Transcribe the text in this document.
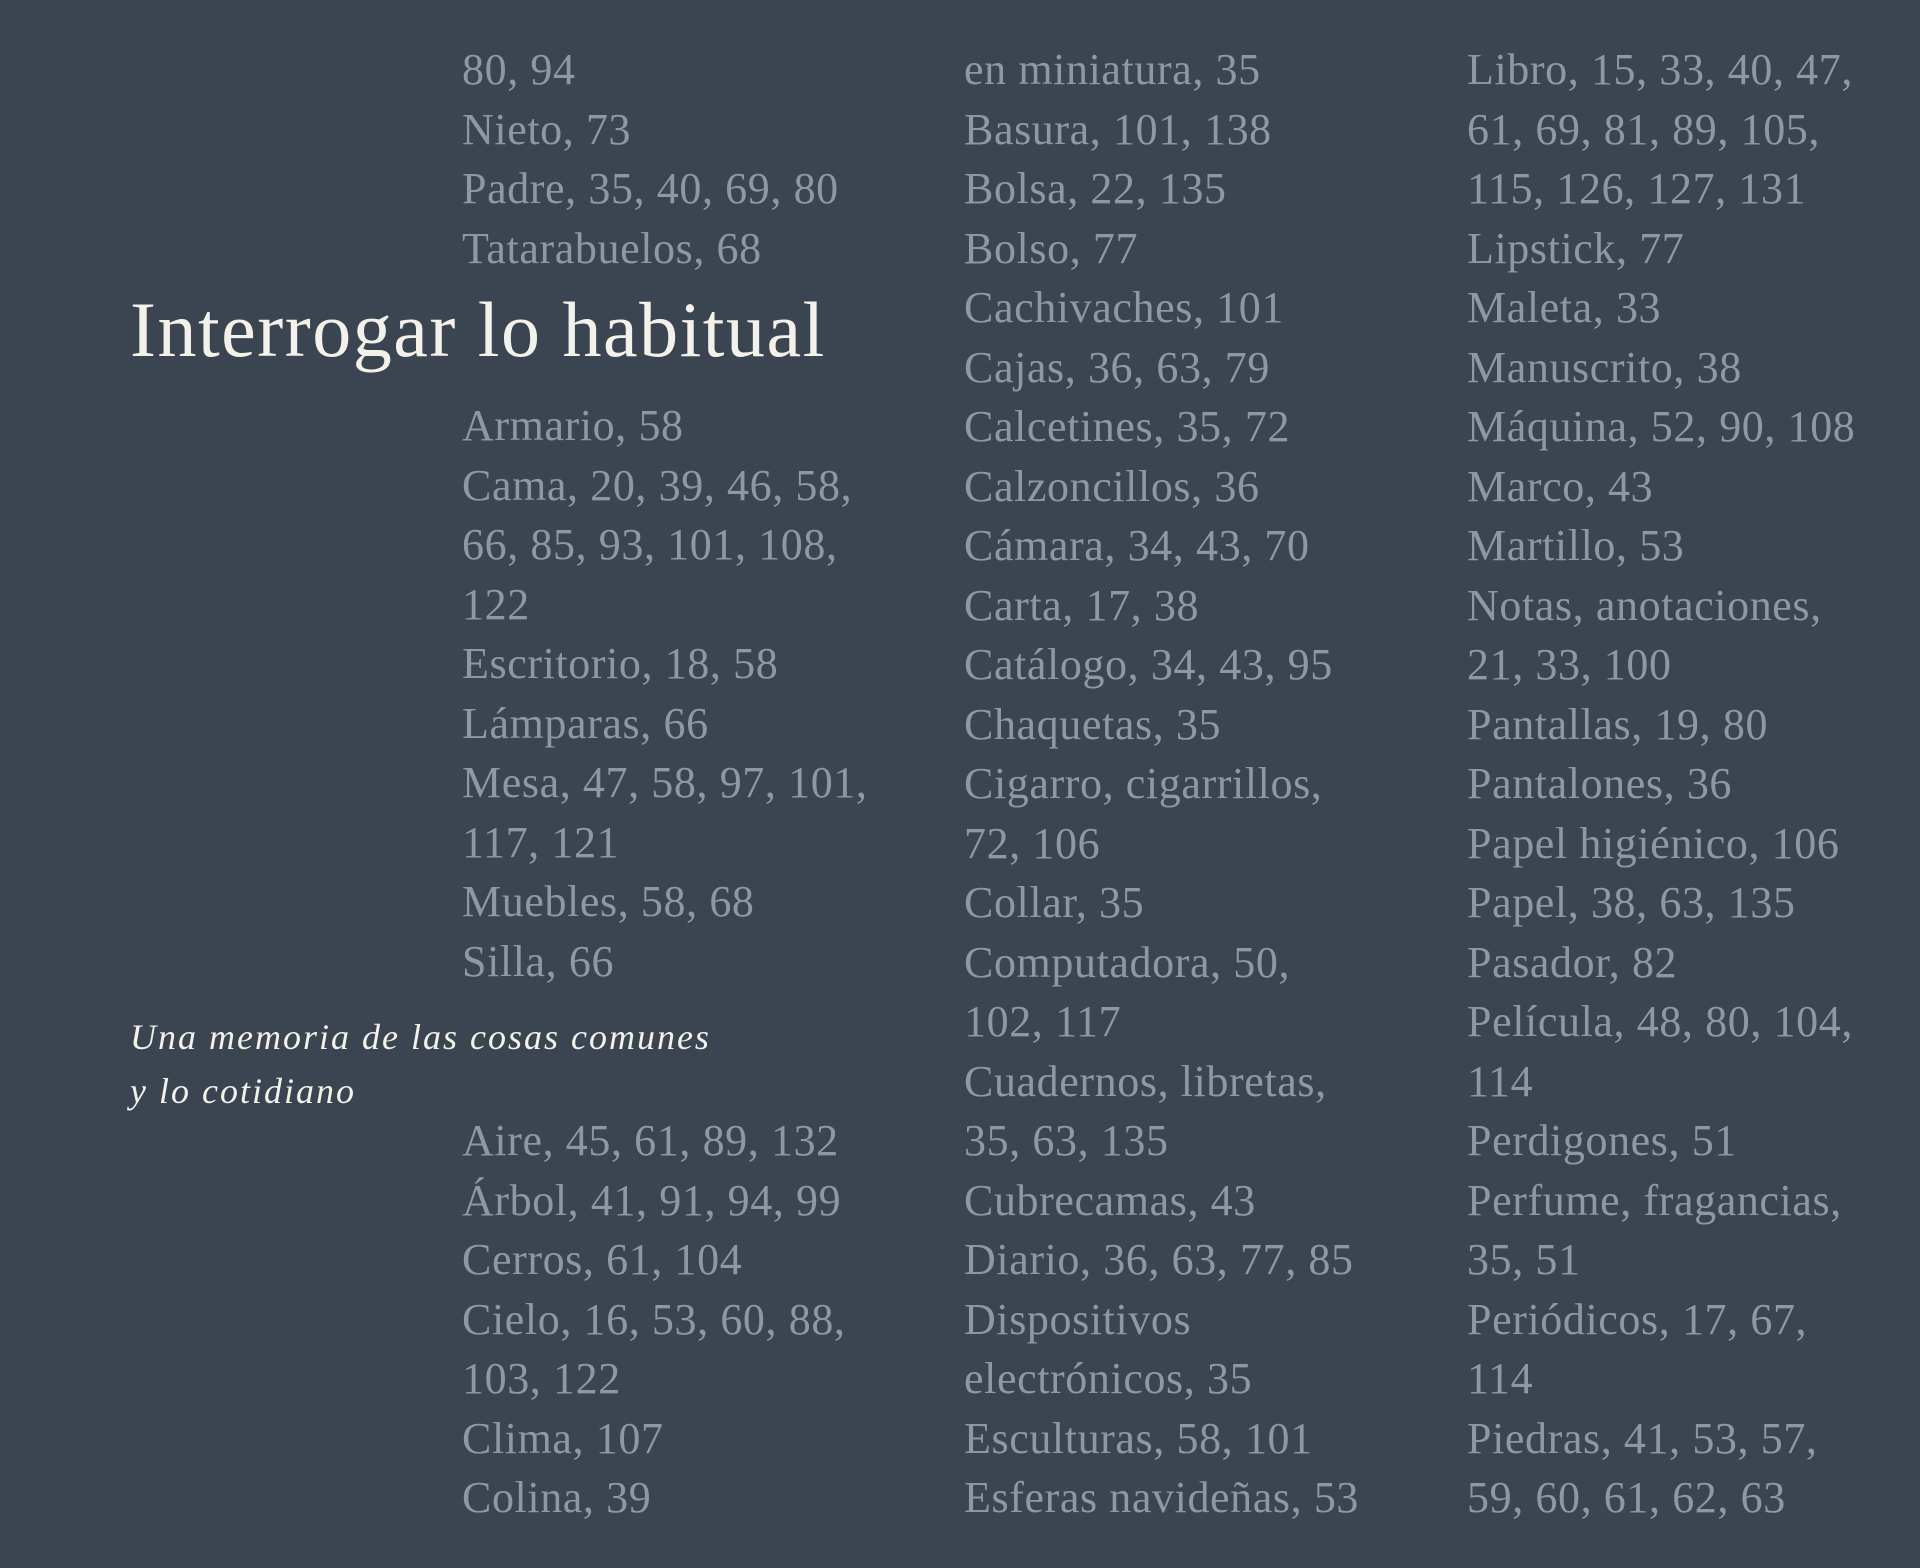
Interrogar lo habitual
Una memoria de las cosas comunes
y lo cotidiano
80, 94
Nieto, 73
Padre, 35, 40, 69, 80
Tatarabuelos, 68
Armario, 58
Cama, 20, 39, 46, 58,
66, 85, 93, 101, 108,
122
Escritorio, 18, 58
Lámparas, 66
Mesa, 47, 58, 97, 101,
117, 121
Muebles, 58, 68
Silla, 66
Aire, 45, 61, 89, 132
Árbol, 41, 91, 94, 99
Cerros, 61, 104
Cielo, 16, 53, 60, 88,
103, 122
Clima, 107
Colina, 39
en miniatura, 35
Basura, 101, 138
Bolsa, 22, 135
Bolso, 77
Cachivaches, 101
Cajas, 36, 63, 79
Calcetines, 35, 72
Calzoncillos, 36
Cámara, 34, 43, 70
Carta, 17, 38
Catálogo, 34, 43, 95
Chaquetas, 35
Cigarro, cigarrillos,
72, 106
Collar, 35
Computadora, 50,
102, 117
Cuadernos, libretas,
35, 63, 135
Cubrecamas, 43
Diario, 36, 63, 77, 85
Dispositivos
electrónicos, 35
Esculturas, 58, 101
Esferas navideñas, 53
Libro, 15, 33, 40, 47,
61, 69, 81, 89, 105,
115, 126, 127, 131
Lipstick, 77
Maleta, 33
Manuscrito, 38
Máquina, 52, 90, 108
Marco, 43
Martillo, 53
Notas, anotaciones,
21, 33, 100
Pantallas, 19, 80
Pantalones, 36
Papel higiénico, 106
Papel, 38, 63, 135
Pasador, 82
Película, 48, 80, 104,
114
Perdigones, 51
Perfume, fragancias,
35, 51
Periódicos, 17, 67,
114
Piedras, 41, 53, 57,
59, 60, 61, 62, 63
